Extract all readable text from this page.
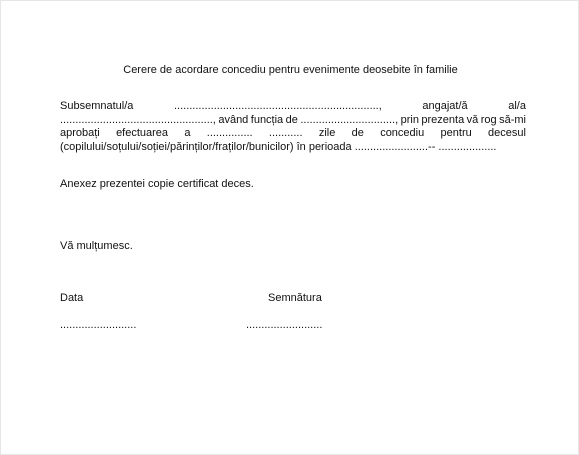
Cerere de acordare concediu pentru evenimente deosebite în familie
Subsemnatul/a	...................................................................,	angajat/ă	al/a
.................................................., având funcția de ..............................., prin prezenta vă rog să-mi
aprobați efectuarea a ............... ........... zile de concediu pentru decesul
(copilului/soțului/soției/părinților/fraților/bunicilor) în perioada ........................-- ...................
Anexez prezentei copie certificat deces.
Vă mulțumesc.
Data	Semnătura
.........................	.........................
